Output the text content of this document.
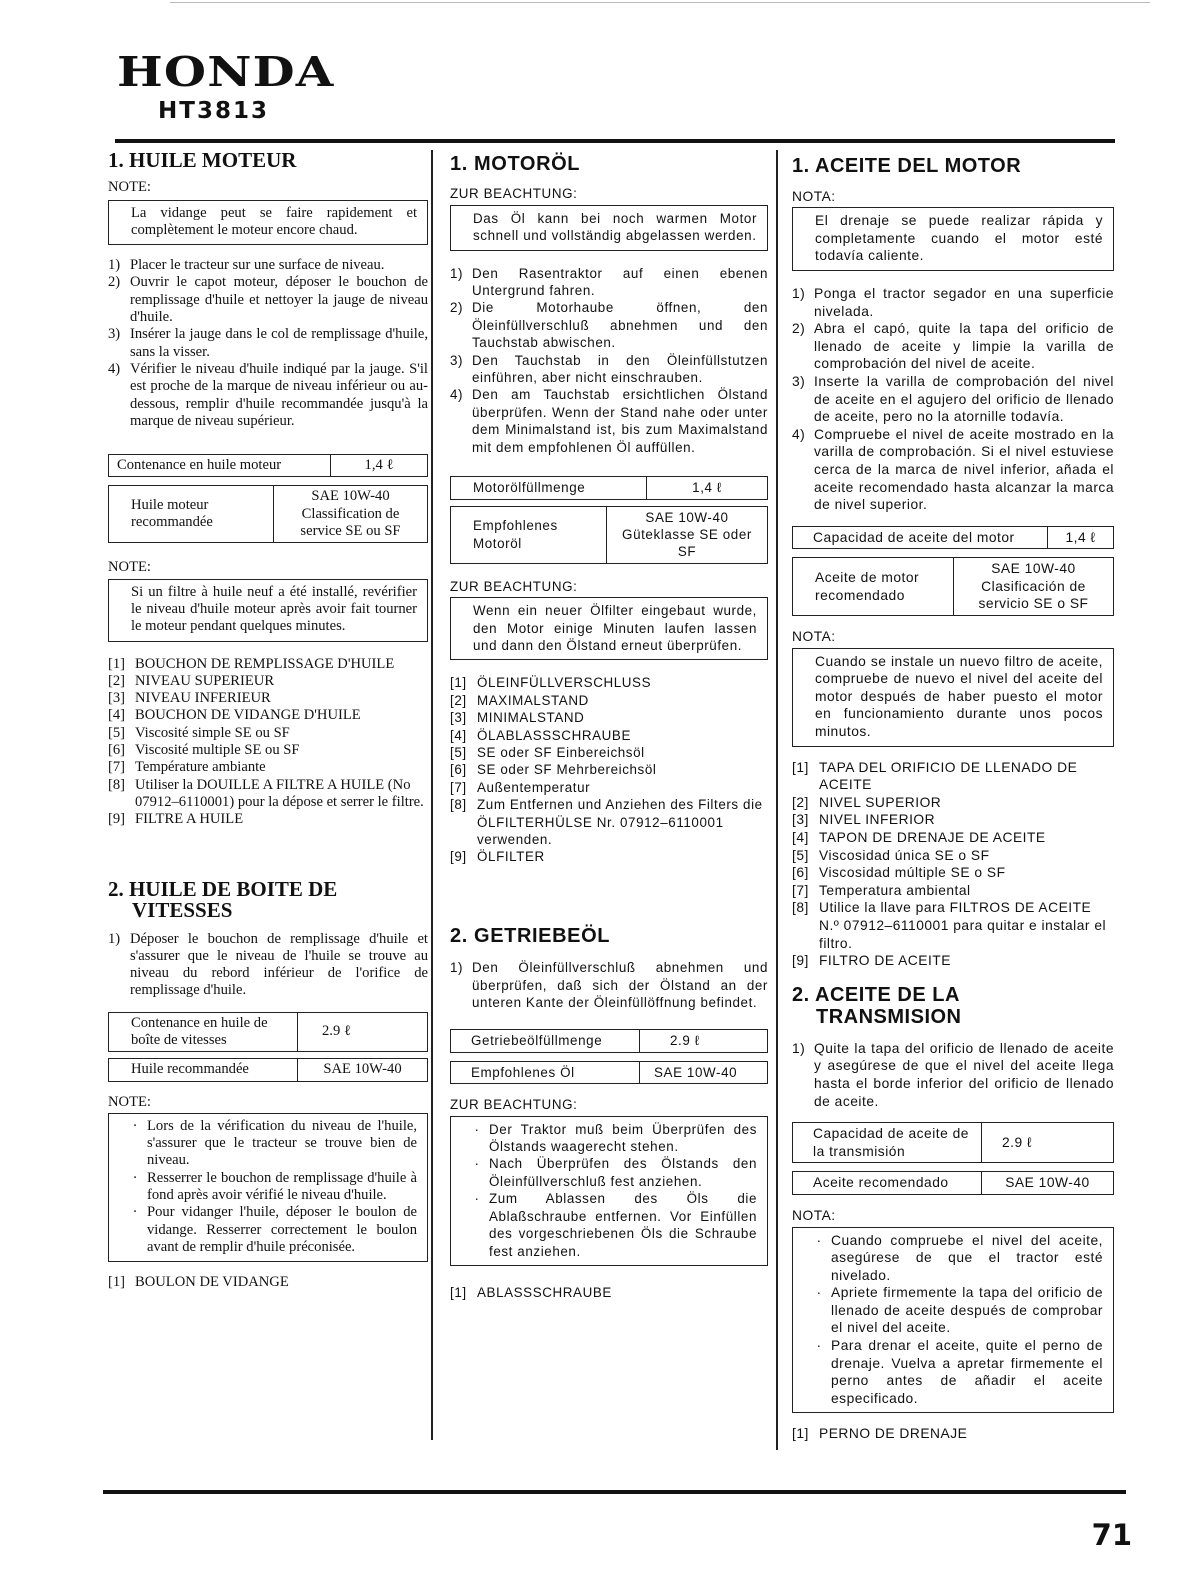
HONDA
HT3813
1. HUILE MOTEUR

NOTE:

La vidange peut se faire rapidement et complètement le moteur encore chaud.
1) Placer le tracteur sur une surface de niveau.
2) Ouvrir le capot moteur, déposer le bouchon de remplissage d'huile et nettoyer la jauge de niveau d'huile.
3) Insérer la jauge dans le col de remplissage d'huile, sans la visser.
4) Vérifier le niveau d'huile indiqué par la jauge. S'il est proche de la marque de niveau inférieur ou au-dessous, remplir d'huile recommandée jusqu'à la marque de niveau supérieur.
Contenance en huile moteur	1,4 ℓ
Huile moteur recommandée	SAE 10W-40 Classification de service SE ou SF

NOTE:

Si un filtre à huile neuf a été installé, revérifier le niveau d'huile moteur après avoir fait tourner le moteur pendant quelques minutes.
[1] BOUCHON DE REMPLISSAGE D'HUILE
[2] NIVEAU SUPERIEUR
[3] NIVEAU INFERIEUR
[4] BOUCHON DE VIDANGE D'HUILE
[5] Viscosité simple SE ou SF
[6] Viscosité multiple SE ou SF
[7] Température ambiante
[8] Utiliser la DOUILLE A FILTRE A HUILE (No 07912–6110001) pour la dépose et serrer le filtre.
[9] FILTRE A HUILE
2. HUILE DE BOITE DE VITESSES
1) Déposer le bouchon de remplissage d'huile et s'assurer que le niveau de l'huile se trouve au niveau du rebord inférieur de l'orifice de remplissage d'huile.
Contenance en huile de boîte de vitesses	2.9 ℓ
Huile recommandée	SAE 10W-40

NOTE:

· Lors de la vérification du niveau de l'huile, s'assurer que le tracteur se trouve bien de niveau.
· Resserrer le bouchon de remplissage d'huile à fond après avoir vérifié le niveau d'huile.
· Pour vidanger l'huile, déposer le boulon de vidange. Resserrer correctement le boulon avant de remplir d'huile préconisée.
[1] BOULON DE VIDANGE
1. MOTORÖL

ZUR BEACHTUNG:

Das Öl kann bei noch warmen Motor schnell und vollständig abgelassen werden.
1) Den Rasentraktor auf einen ebenen Untergrund fahren.
2) Die Motorhaube öffnen, den Öleinfüllverschluß abnehmen und den Tauchstab abwischen.
3) Den Tauchstab in den Öleinfüllstutzen einführen, aber nicht einschrauben.
4) Den am Tauchstab ersichtlichen Ölstand überprüfen. Wenn der Stand nahe oder unter dem Minimalstand ist, bis zum Maximalstand mit dem empfohlenen Öl auffüllen.
Motorölfüllmenge	1,4 ℓ
Empfohlenes Motoröl	SAE 10W-40 Güteklasse SE oder SF

ZUR BEACHTUNG:

Wenn ein neuer Ölfilter eingebaut wurde, den Motor einige Minuten laufen lassen und dann den Ölstand erneut überprüfen.
[1] ÖLEINFÜLLVERSCHLUSS
[2] MAXIMALSTAND
[3] MINIMALSTAND
[4] ÖLABLASSSCHRAUBE
[5] SE oder SF Einbereichsöl
[6] SE oder SF Mehrbereichsöl
[7] Außentemperatur
[8] Zum Entfernen und Anziehen des Filters die ÖLFILTERHÜLSE Nr. 07912–6110001 verwenden.
[9] ÖLFILTER
2. GETRIEBEÖL
1) Den Öleinfüllverschluß abnehmen und überprüfen, daß sich der Ölstand an der unteren Kante der Öleinfüllöffnung befindet.
Getriebeölfüllmenge	2.9 ℓ
Empfohlenes Öl	SAE 10W-40

ZUR BEACHTUNG:

· Der Traktor muß beim Überprüfen des Ölstands waagerecht stehen.
· Nach Überprüfen des Ölstands den Öleinfüllverschluß fest anziehen.
· Zum Ablassen des Öls die Ablaßschraube entfernen. Vor Einfüllen des vorgeschriebenen Öls die Schraube fest anziehen.
[1] ABLASSSCHRAUBE
1. ACEITE DEL MOTOR

NOTA:

El drenaje se puede realizar rápida y completamente cuando el motor esté todavía caliente.
1) Ponga el tractor segador en una superficie nivelada.
2) Abra el capó, quite la tapa del orificio de llenado de aceite y limpie la varilla de comprobación del nivel de aceite.
3) Inserte la varilla de comprobación del nivel de aceite en el agujero del orificio de llenado de aceite, pero no la atornille todavía.
4) Compruebe el nivel de aceite mostrado en la varilla de comprobación. Si el nivel estuviese cerca de la marca de nivel inferior, añada el aceite recomendado hasta alcanzar la marca de nivel superior.
Capacidad de aceite del motor	1,4 ℓ
Aceite de motor recomendado	SAE 10W-40 Clasificación de servicio SE o SF

NOTA:

Cuando se instale un nuevo filtro de aceite, compruebe de nuevo el nivel del aceite del motor después de haber puesto el motor en funcionamiento durante unos pocos minutos.
[1] TAPA DEL ORIFICIO DE LLENADO DE ACEITE
[2] NIVEL SUPERIOR
[3] NIVEL INFERIOR
[4] TAPON DE DRENAJE DE ACEITE
[5] Viscosidad única SE o SF
[6] Viscosidad múltiple SE o SF
[7] Temperatura ambiental
[8] Utilice la llave para FILTROS DE ACEITE N.º 07912–6110001 para quitar e instalar el filtro.
[9] FILTRO DE ACEITE
2. ACEITE DE LA TRANSMISION
1) Quite la tapa del orificio de llenado de aceite y asegúrese de que el nivel del aceite llega hasta el borde inferior del orificio de llenado de aceite.
Capacidad de aceite de la transmisión	2.9 ℓ
Aceite recomendado	SAE 10W-40

NOTA:

· Cuando compruebe el nivel del aceite, asegúrese de que el tractor esté nivelado.
· Apriete firmemente la tapa del orificio de llenado de aceite después de comprobar el nivel del aceite.
· Para drenar el aceite, quite el perno de drenaje. Vuelva a apretar firmemente el perno antes de añadir el aceite especificado.
[1] PERNO DE DRENAJE
71
